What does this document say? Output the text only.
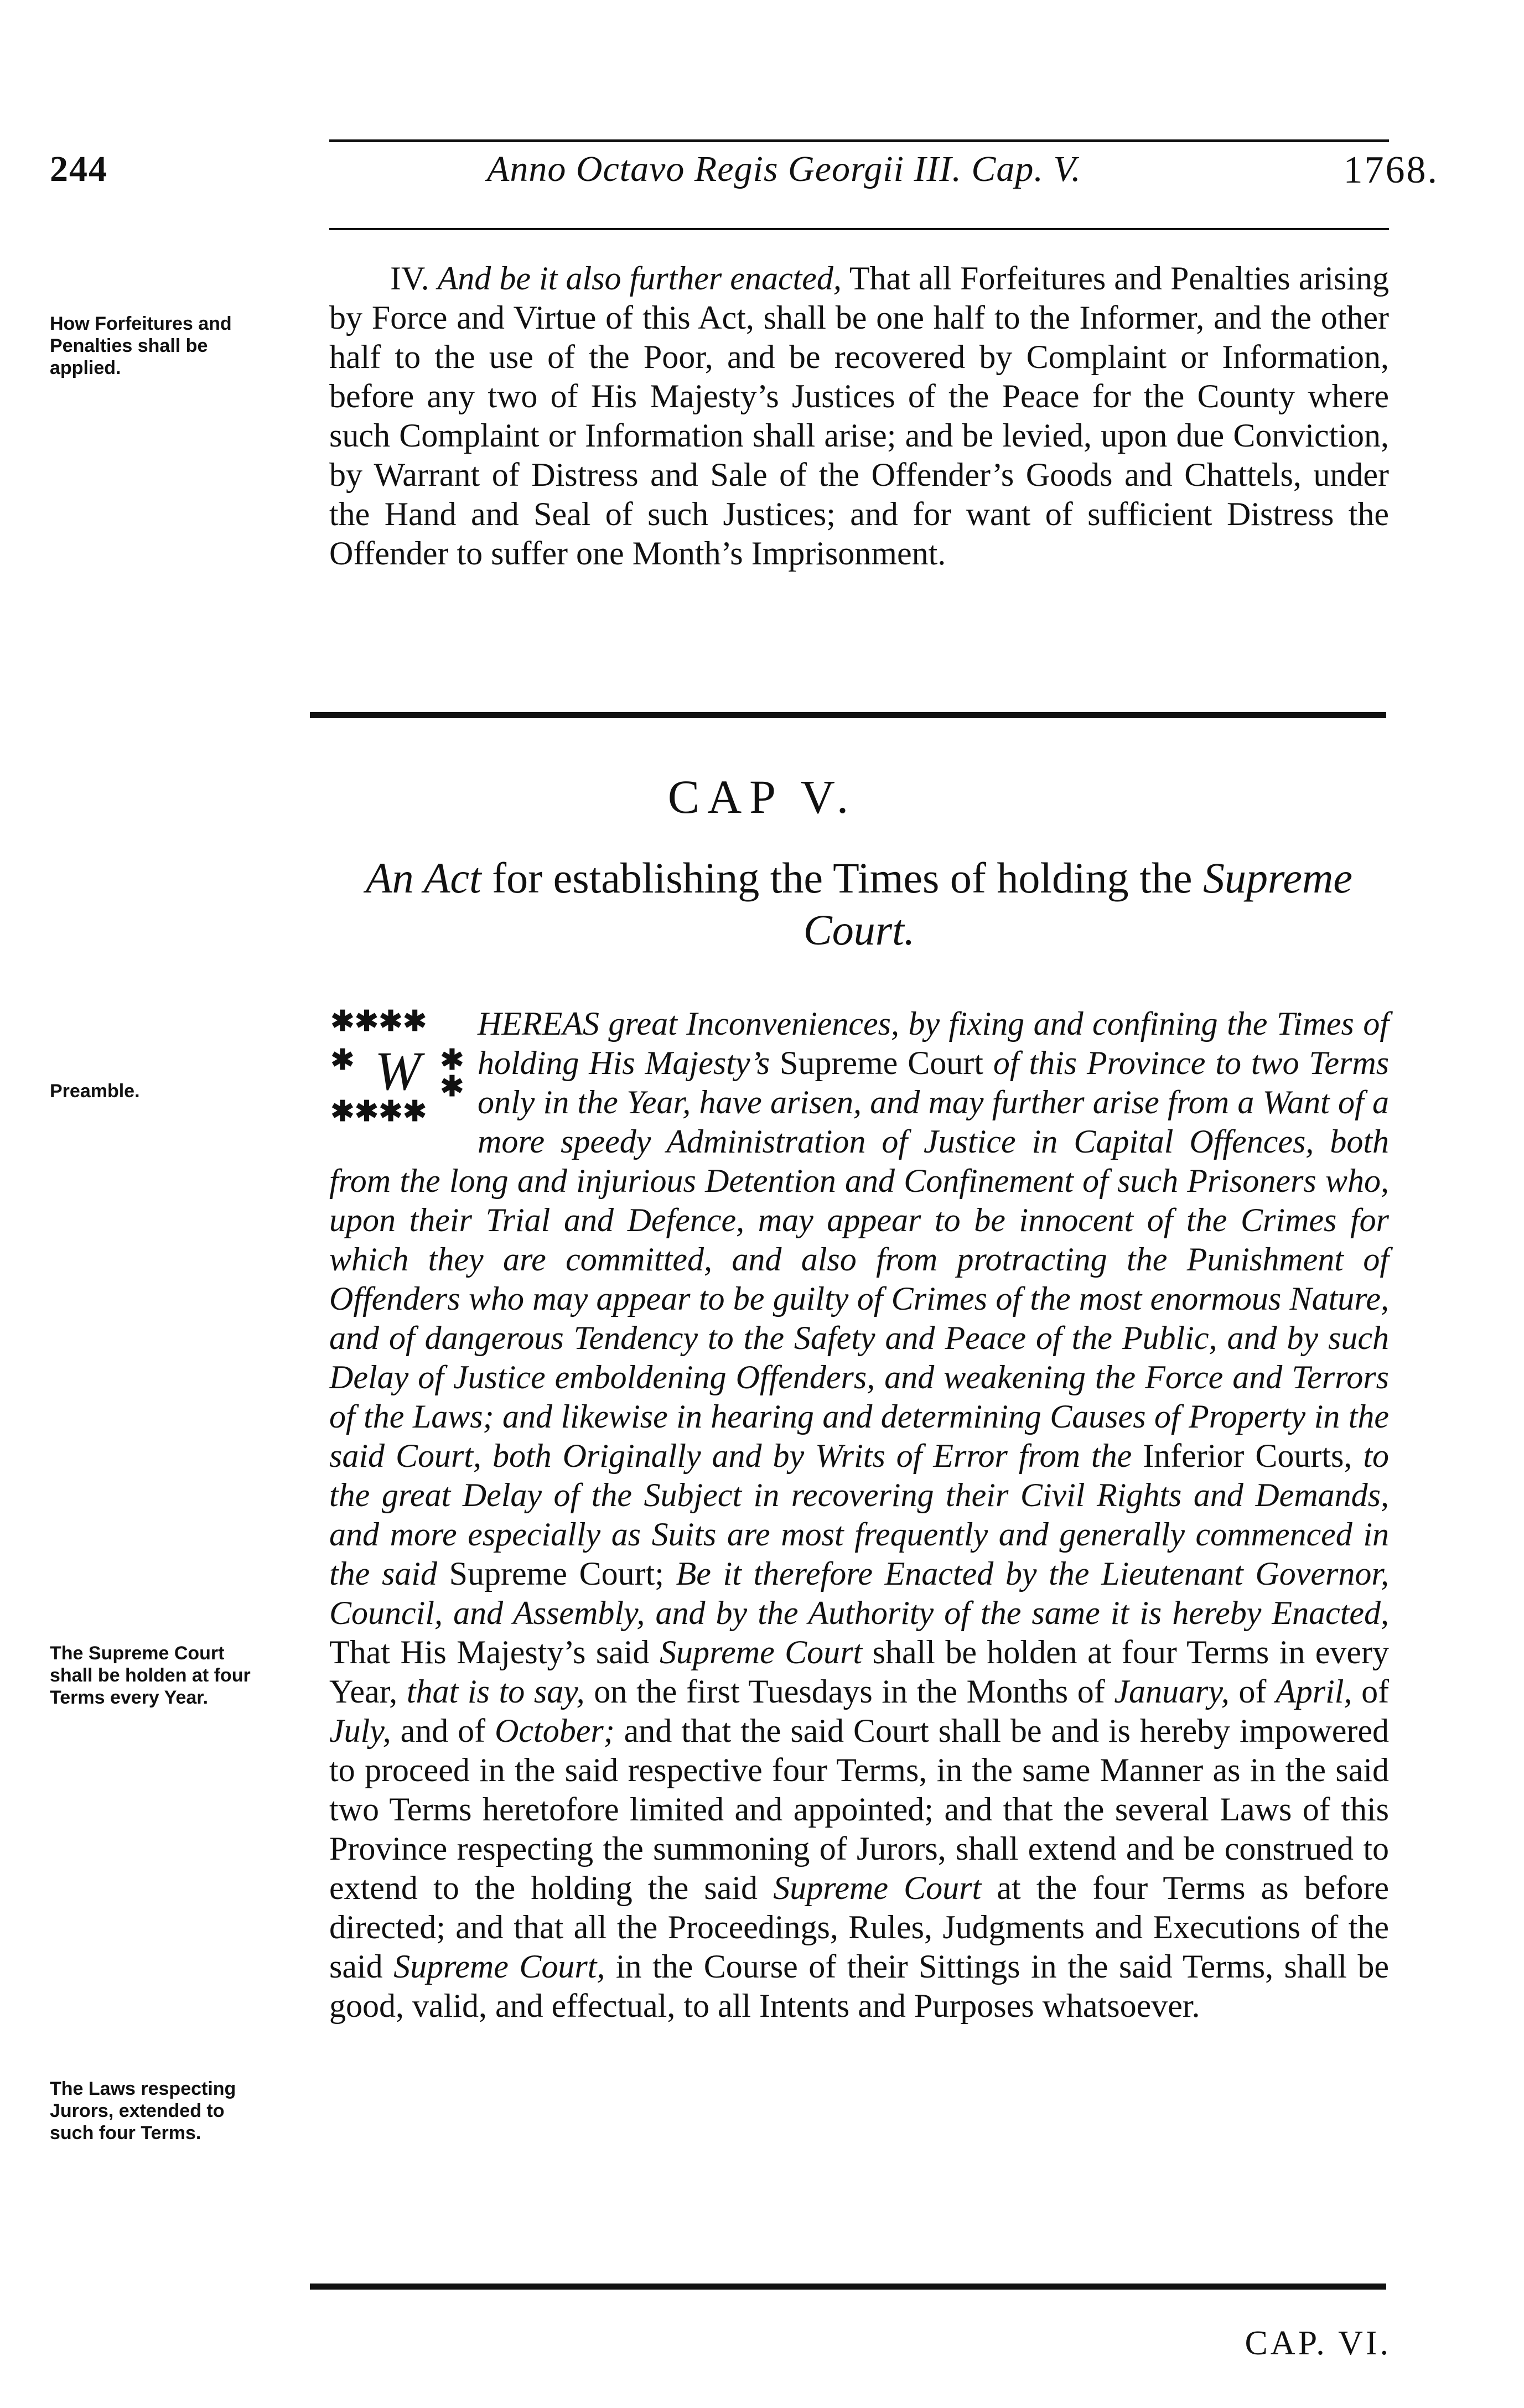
244	Anno Octavo Regis Georgii III. Cap. V.	1768.
How Forfeitures and Penalties shall be applied.
IV. And be it also further enacted, That all Forfeitures and Penalties arising by Force and Virtue of this Act, shall be one half to the Informer, and the other half to the use of the Poor, and be recovered by Complaint or Information, before any two of His Majesty’s Justices of the Peace for the County where such Complaint or Information shall arise; and be levied, upon due Conviction, by Warrant of Distress and Sale of the Offender’s Goods and Chattels, under the Hand and Seal of such Justices; and for want of sufficient Distress the Offender to suffer one Month’s Imprisonment.
CAP V.
An Act for establishing the Times of holding the Supreme Court.
Preamble.
The Supreme Court shall be holden at four Terms every Year.
The Laws respecting Jurors, extended to such four Terms.
✱✱✱✱
✱	✱
✱✱✱✱
✱
W
HEREAS great Inconveniences, by fixing and confining the Times of holding His Majesty’s Supreme Court of this Province to two Terms only in the Year, have arisen, and may further arise from a Want of a more speedy Administration of Justice in Capital Offences, both from the long and injurious Detention and Confinement of such Prisoners who, upon their Trial and Defence, may appear to be innocent of the Crimes for which they are committed, and also from protracting the Punishment of Offenders who may appear to be guilty of Crimes of the most enormous Nature, and of dangerous Tendency to the Safety and Peace of the Public, and by such Delay of Justice emboldening Offenders, and weakening the Force and Terrors of the Laws; and likewise in hearing and determining Causes of Property in the said Court, both Originally and by Writs of Error from the Inferior Courts, to the great Delay of the Subject in recovering their Civil Rights and Demands, and more especially as Suits are most frequently and generally commenced in the said Supreme Court; Be it therefore Enacted by the Lieutenant Governor, Council, and Assembly, and by the Authority of the same it is hereby Enacted, That His Majesty’s said Supreme Court shall be holden at four Terms in every Year, that is to say, on the first Tuesdays in the Months of January, of April, of July, and of October; and that the said Court shall be and is hereby impowered to proceed in the said respective four Terms, in the same Manner as in the said two Terms heretofore limited and appointed; and that the several Laws of this Province respecting the summoning of Jurors, shall extend and be construed to extend to the holding the said Supreme Court at the four Terms as before directed; and that all the Proceedings, Rules, Judgments and Executions of the said Supreme Court, in the Course of their Sittings in the said Terms, shall be good, valid, and effectual, to all Intents and Purposes whatsoever.
CAP. VI.
